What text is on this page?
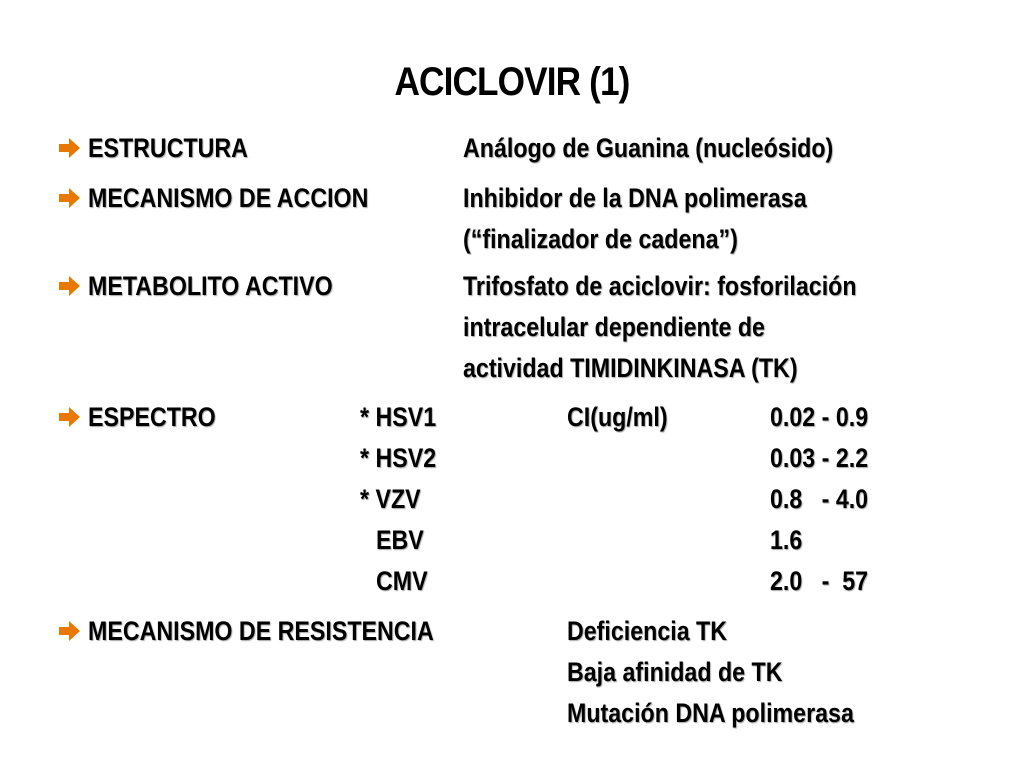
ACICLOVIR (1)
ESTRUCTURA	Análogo de Guanina (nucleósido)
MECANISMO DE ACCION	Inhibidor de la DNA polimerasa
(“finalizador de cadena”)
METABOLITO ACTIVO	Trifosfato de aciclovir: fosforilación
intracelular dependiente de
actividad TIMIDINKINASA (TK)
ESPECTRO	* HSV1	CI(ug/ml)	0.02 - 0.9
* HSV2	0.03 - 2.2
* VZV	0.8   - 4.0
EBV	1.6
CMV	2.0   -  57
MECANISMO DE RESISTENCIA	Deficiencia TK
Baja afinidad de TK
Mutación DNA polimerasa
